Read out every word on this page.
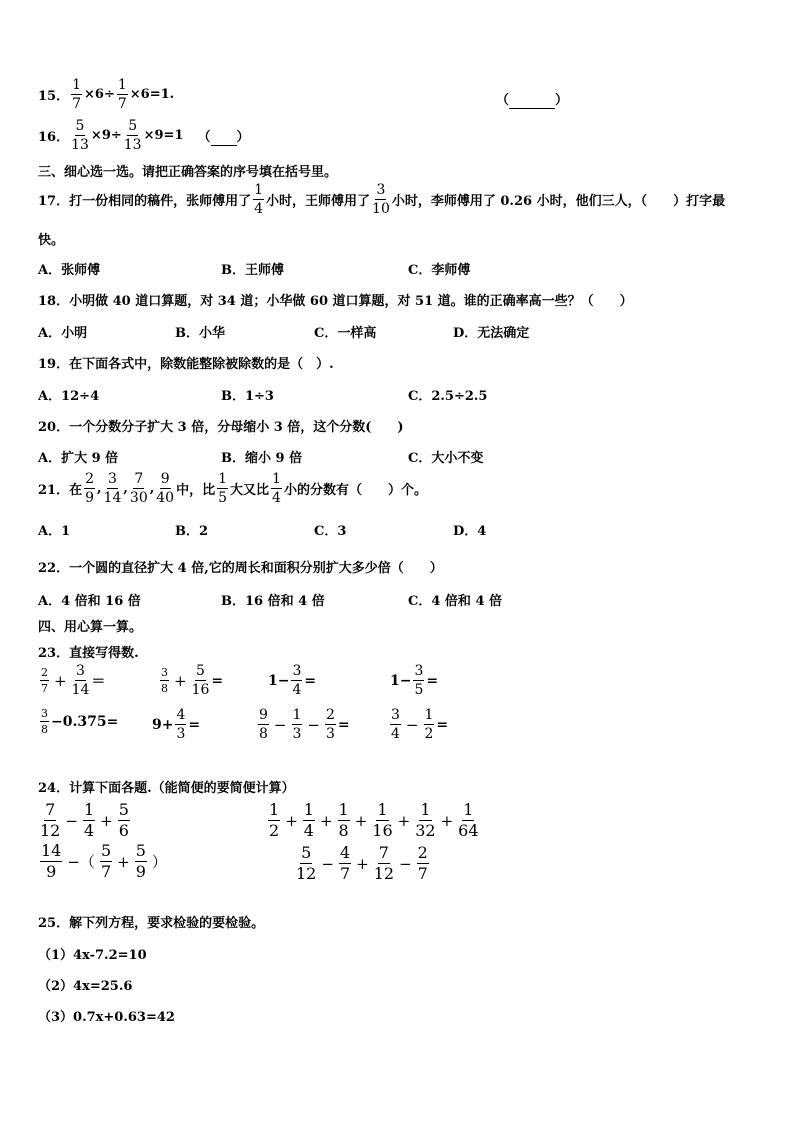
15． $\frac{1}{7} \times 6\div \frac{1}{7} \times 6=1$.	（	）
16． $\frac{5}{13} \times 9\div \frac{5}{13} \times 9=1$ （ ）
三、细心选一选。请把正确答案的序号填在括号里。
17．打一份相同的稿件，张师傅用了 $\frac{1}{4}$ 小时，王师傅用了 $\frac{3}{10}$ 小时，李师傅用了 0.26 小时，他们三人，（　　）打字最
快。
A．张师傅	B．王师傅	C．李师傅
18．小明做 40 道口算题，对 34 道；小华做 60 道口算题，对 51 道。谁的正确率高一些？（　　）
A．小明	B．小华	C．一样高	D．无法确定
19．在下面各式中，除数能整除被除数的是（　）.
A．12÷4	B．1÷3	C．2.5÷2.5
20．一个分数分子扩大 3 倍，分母缩小 3 倍，这个分数(　　)
A．扩大 9 倍	B．缩小 9 倍	C．大小不变
21．在 $\frac{2}{9}$ , $\frac{3}{14}$ , $\frac{7}{30}$ , $\frac{9}{40}$ 中，比 $\frac{1}{5}$ 大又比 $\frac{1}{4}$ 小的分数有（　　）个。
A．1	B．2	C．3	D．4
22．一个圆的直径扩大 4 倍,它的周长和面积分别扩大多少倍（　　）
A．4 倍和 16 倍	B．16 倍和 4 倍	C．4 倍和 4 倍
四、用心算一算。
23．直接写得数.
$\frac{2}{7} + \frac{3}{14}$ ＝	$\frac{3}{8} + \frac{5}{16}$ =	$1- \frac{3}{4}$ =	$1- \frac{3}{5}$ =
$\frac{3}{8} -0.375= 9+ \frac{4}{3}$ =	$\frac{9}{8} - \frac{1}{3} - \frac{2}{3}$ =	$\frac{3}{4} - \frac{1}{2}$ =
24．计算下面各题.（能简便的要简便计算）
$\frac{7}{12} - \frac{1}{4} + \frac{5}{6}$	$\frac{1}{2} + \frac{1}{4} + \frac{1}{8} + \frac{1}{16} + \frac{1}{32} + \frac{1}{64}$
$\frac{14}{9}$ −（ $\frac{5}{7} + \frac{5}{9}$ ）	$\frac{5}{12} - \frac{4}{7} + \frac{7}{12} - \frac{2}{7}$
25．解下列方程，要求检验的要检验。
（1）4x-7.2=10
（2）4x=25.6
（3）0.7x+0.63=42
